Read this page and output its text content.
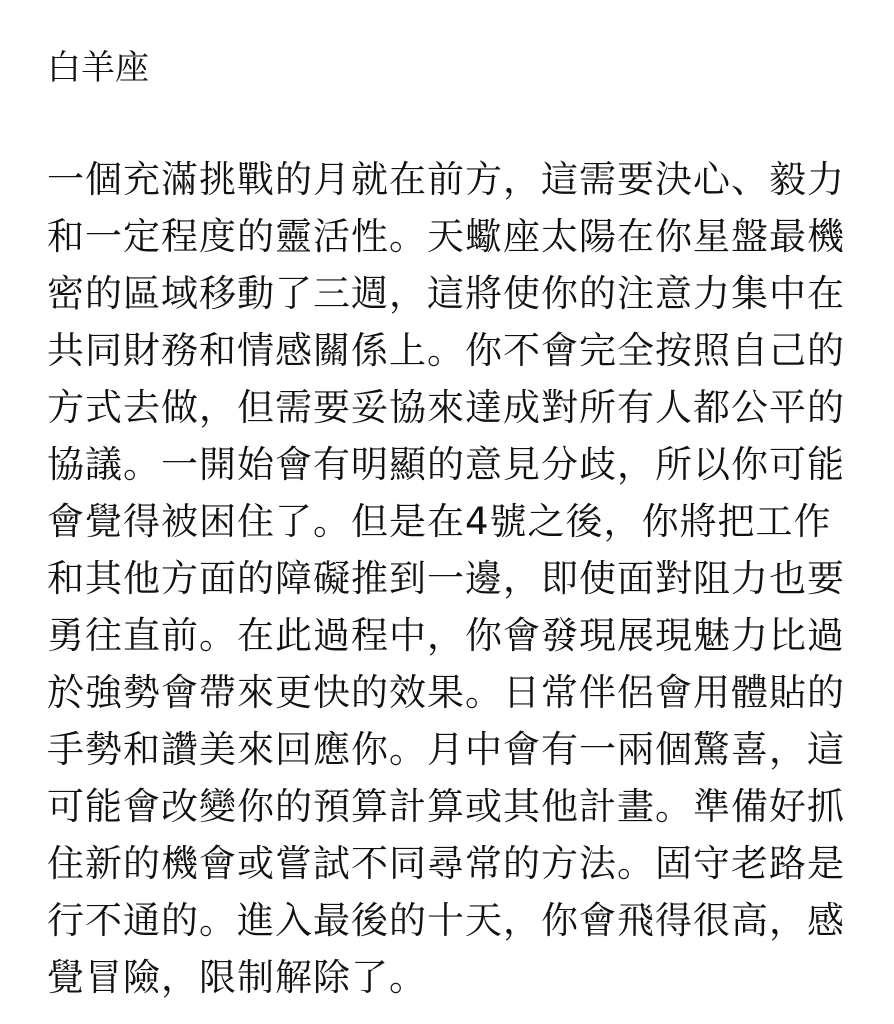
白羊座

一個充滿挑戰的月就在前方，這需要決心、毅力
和一定程度的靈活性。天蠍座太陽在你星盤最機
密的區域移動了三週，這將使你的注意力集中在
共同財務和情感關係上。你不會完全按照自己的
方式去做，但需要妥協來達成對所有人都公平的
協議。一開始會有明顯的意見分歧，所以你可能
會覺得被困住了。但是在4號之後，你將把工作
和其他方面的障礙推到一邊，即使面對阻力也要
勇往直前。在此過程中，你會發現展現魅力比過
於強勢會帶來更快的效果。日常伴侶會用體貼的
手勢和讚美來回應你。月中會有一兩個驚喜，這
可能會改變你的預算計算或其他計畫。準備好抓
住新的機會或嘗試不同尋常的方法。固守老路是
行不通的。進入最後的十天，你會飛得很高，感
覺冒險，限制解除了。
